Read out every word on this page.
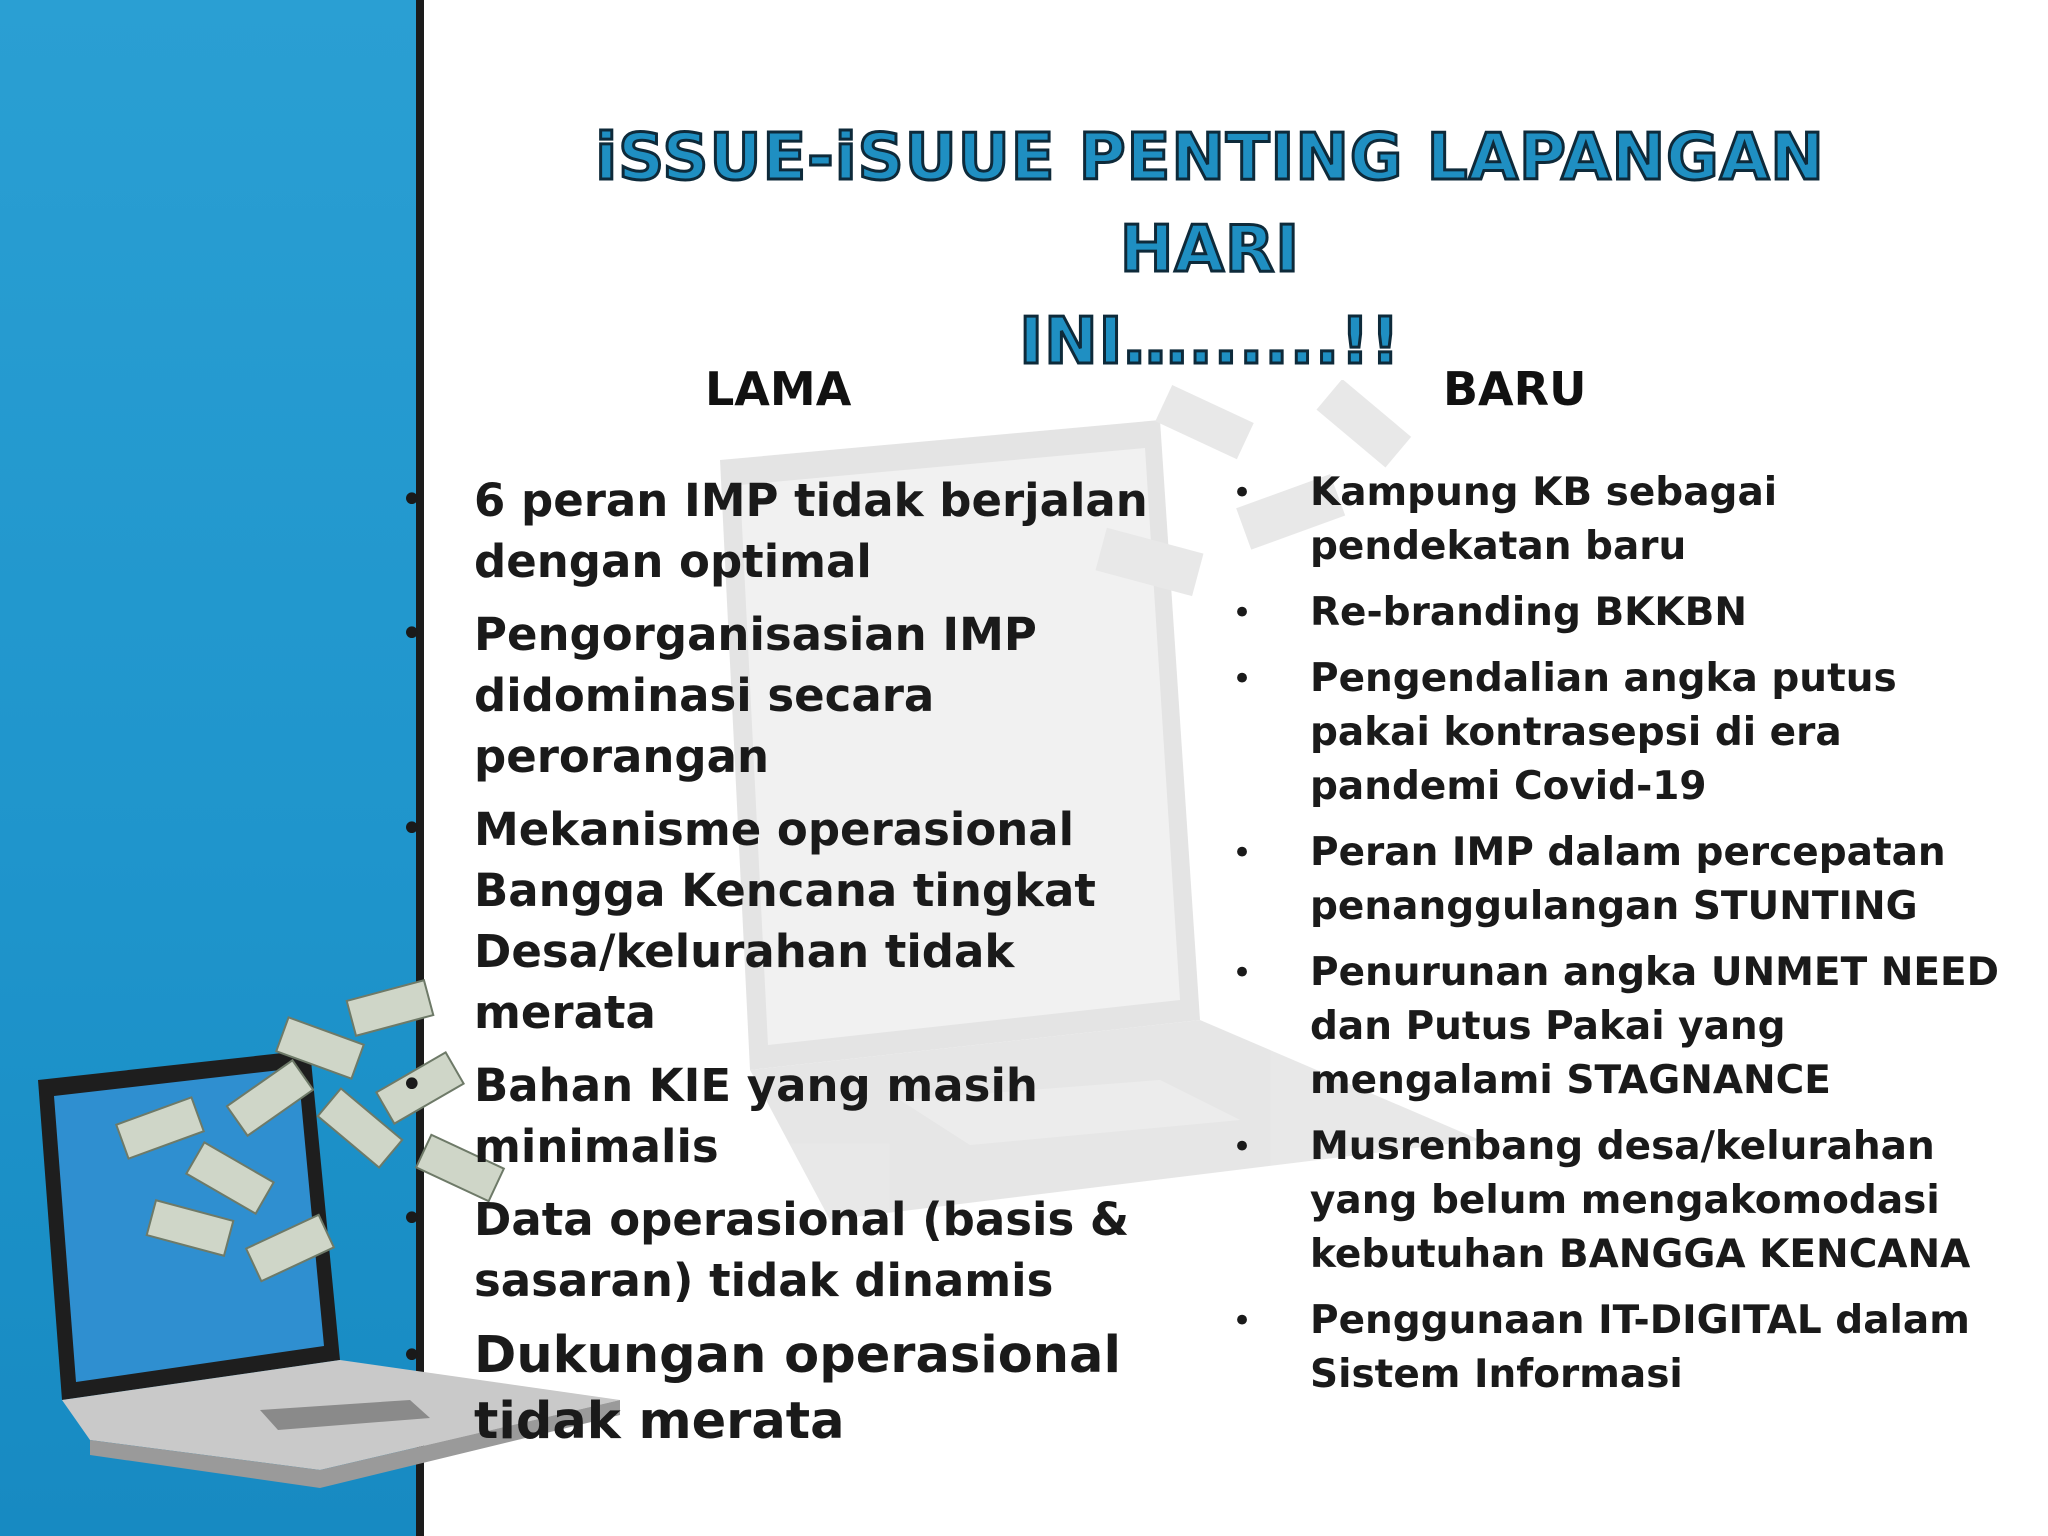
iSSUE-iSUUE PENTING LAPANGAN HARI
INI…......!!
LAMA	BARU
• 6 peran IMP tidak berjalan dengan optimal
• Pengorganisasian IMP didominasi secara perorangan
• Mekanisme operasional Bangga Kencana tingkat Desa/kelurahan tidak merata
• Bahan KIE yang masih minimalis
• Data operasional (basis & sasaran) tidak dinamis
• Dukungan operasional tidak merata
• Kampung KB sebagai pendekatan baru
• Re-branding BKKBN
• Pengendalian angka putus pakai kontrasepsi di era pandemi Covid-19
• Peran IMP dalam percepatan penanggulangan STUNTING
• Penurunan angka UNMET NEED dan Putus Pakai yang mengalami STAGNANCE
• Musrenbang desa/kelurahan yang belum mengakomodasi kebutuhan BANGGA KENCANA
• Penggunaan IT-DIGITAL dalam Sistem Informasi
